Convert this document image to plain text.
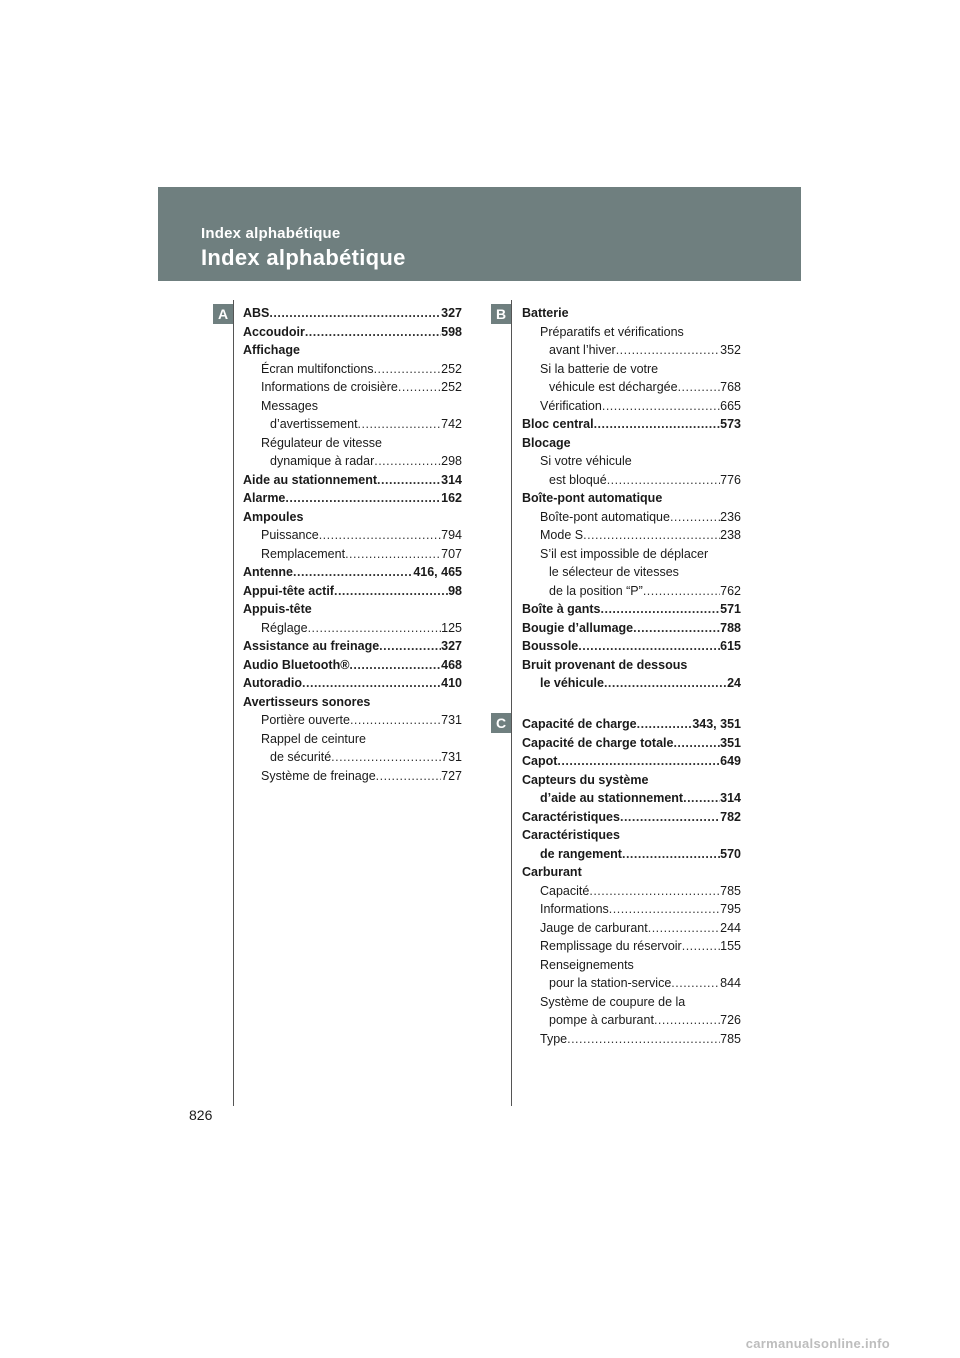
Index alphabétique
Index alphabétique
A	B
C
ABS .....	327
Accoudoir .....	598
Affichage
Écran multifonctions .....	252
Informations de croisière .....	252
Messages
d’avertissement .....	742
Régulateur de vitesse
dynamique à radar .....	298
Aide au stationnement .....	314
Alarme .....	162
Ampoules
Puissance .....	794
Remplacement .....	707
Antenne .....	416, 465
Appui-tête actif .....	98
Appuis-tête
Réglage .....	125
Assistance au freinage .....	327
Audio Bluetooth® .....	468
Autoradio .....	410
Avertisseurs sonores
Portière ouverte .....	731
Rappel de ceinture
de sécurité .....	731
Système de freinage .....	727
Batterie
Préparatifs et vérifications
avant l’hiver .....	352
Si la batterie de votre
véhicule est déchargée .....	768
Vérification .....	665
Bloc central .....	573
Blocage
Si votre véhicule
est bloqué .....	776
Boîte-pont automatique
Boîte-pont automatique .....	236
Mode S .....	238
S’il est impossible de déplacer
le sélecteur de vitesses
de la position “P” .....	762
Boîte à gants .....	571
Bougie d’allumage .....	788
Boussole .....	615
Bruit provenant de dessous
le véhicule .....	24
Capacité de charge .....	343, 351
Capacité de charge totale .....	351
Capot .....	649
Capteurs du système
d’aide au stationnement .....	314
Caractéristiques .....	782
Caractéristiques
de rangement .....	570
Carburant
Capacité .....	785
Informations .....	795
Jauge de carburant .....	244
Remplissage du réservoir .....	155
Renseignements
pour la station-service .....	844
Système de coupure de la
pompe à carburant .....	726
Type .....	785
826
carmanualsonline.info
